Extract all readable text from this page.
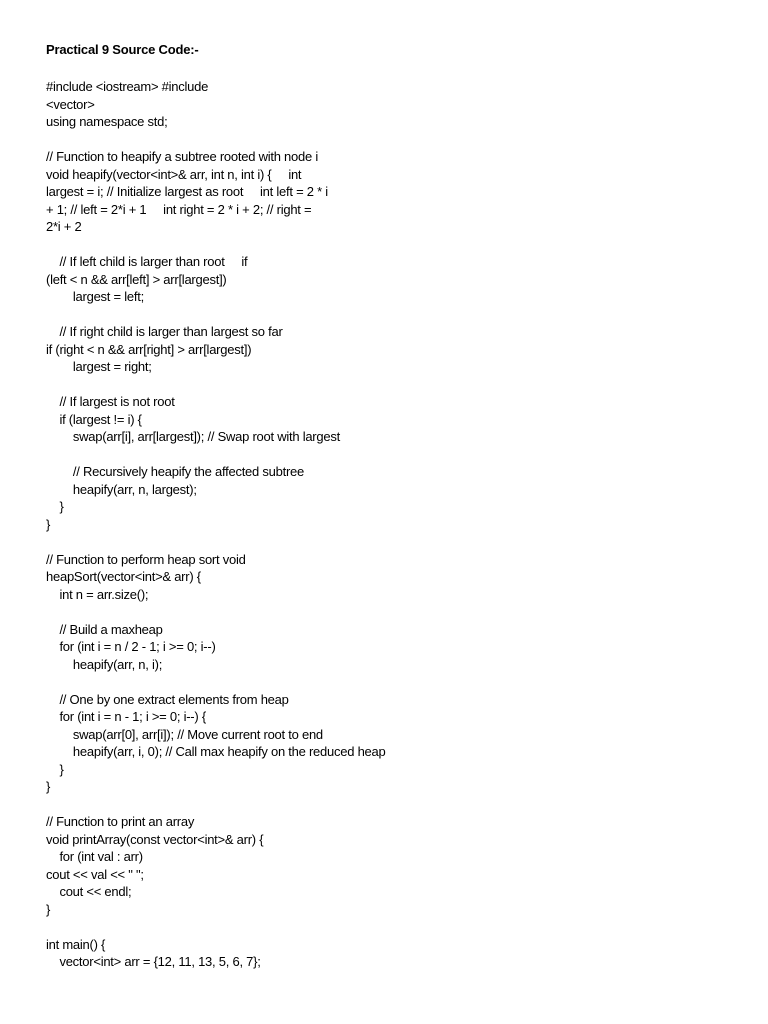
Practical 9 Source Code:-
#include <iostream> #include
<vector>
using namespace std;
// Function to heapify a subtree rooted with node i
void heapify(vector<int>& arr, int n, int i) {     int
largest = i; // Initialize largest as root     int left = 2 * i
+ 1; // left = 2*i + 1     int right = 2 * i + 2; // right =
2*i + 2
// If left child is larger than root     if
(left < n && arr[left] > arr[largest])
largest = left;
// If right child is larger than largest so far
if (right < n && arr[right] > arr[largest])
largest = right;
// If largest is not root
if (largest != i) {
swap(arr[i], arr[largest]); // Swap root with largest
// Recursively heapify the affected subtree
heapify(arr, n, largest);
}
}
// Function to perform heap sort void
heapSort(vector<int>& arr) {
int n = arr.size();
// Build a maxheap
for (int i = n / 2 - 1; i >= 0; i--)
heapify(arr, n, i);
// One by one extract elements from heap
for (int i = n - 1; i >= 0; i--) {
swap(arr[0], arr[i]); // Move current root to end
heapify(arr, i, 0); // Call max heapify on the reduced heap
}
}
// Function to print an array
void printArray(const vector<int>& arr) {
for (int val : arr)
cout << val << " ";
cout << endl;
}
int main() {
vector<int> arr = {12, 11, 13, 5, 6, 7};
